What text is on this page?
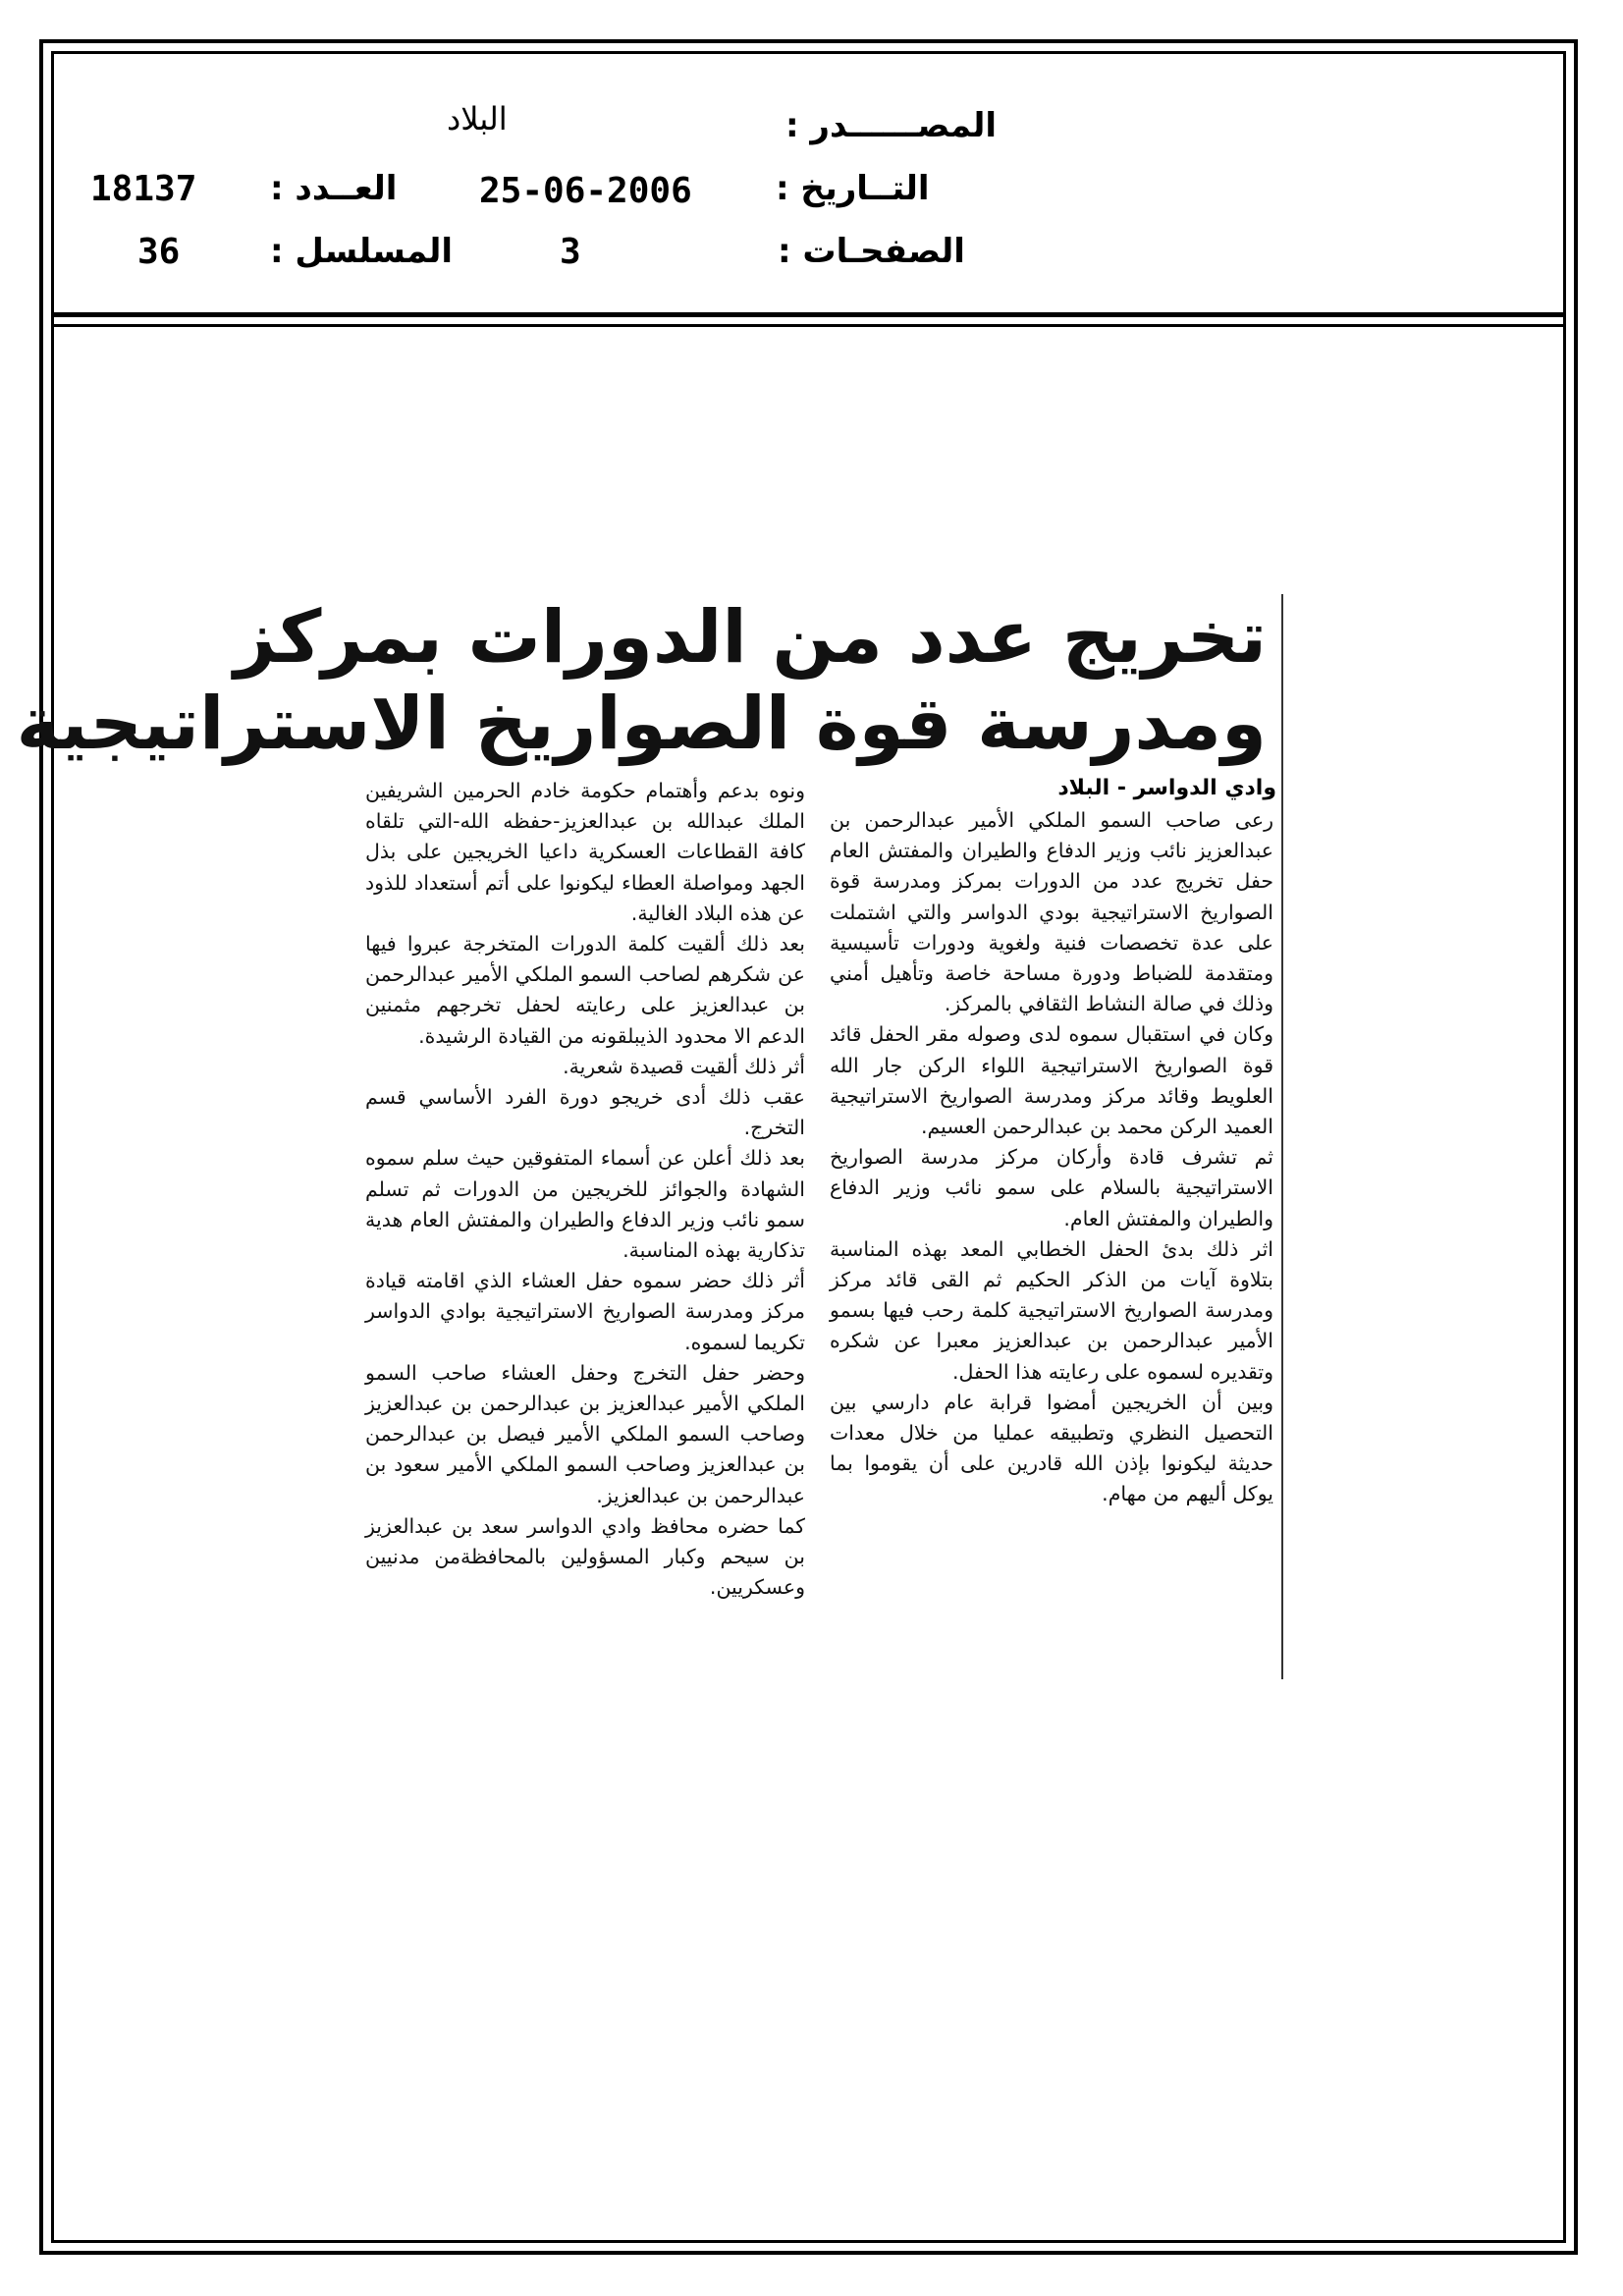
المصــــــدر :
البلاد
التــاريخ :
25-06-2006
العــدد :
18137
الصفحـات :
3
المسلسل :
36
تخريج عدد من الدورات بمركز
ومدرسة قوة الصواريخ الاستراتيجية
وادي الدواسر - البلاد

رعى صاحب السمو الملكي الأمير عبدالرحمن بن عبدالعزيز نائب وزير الدفاع والطيران والمفتش العام حفل تخريج عدد من الدورات بمركز ومدرسة قوة الصواريخ الاستراتيجية بودي الدواسر والتي اشتملت على عدة تخصصات فنية ولغوية ودورات تأسيسية ومتقدمة للضباط ودورة مساحة خاصة وتأهيل أمني وذلك في صالة النشاط الثقافي بالمركز.

وكان في استقبال سموه لدى وصوله مقر الحفل قائد قوة الصواريخ الاستراتيجية اللواء الركن جار الله العلويط وقائد مركز ومدرسة الصواريخ الاستراتيجية العميد الركن محمد بن عبدالرحمن العسيم.

ثم تشرف قادة وأركان مركز مدرسة الصواريخ الاستراتيجية بالسلام على سمو نائب وزير الدفاع والطيران والمفتش العام.

اثر ذلك بدئ الحفل الخطابي المعد بهذه المناسبة بتلاوة آيات من الذكر الحكيم ثم القى قائد مركز ومدرسة الصواريخ الاستراتيجية كلمة رحب فيها بسمو الأمير عبدالرحمن بن عبدالعزيز معبرا عن شكره وتقديره لسموه على رعايته هذا الحفل.

وبين أن الخريجين أمضوا قرابة عام دارسي بين التحصيل النظري وتطبيقه عمليا من خلال معدات حديثة ليكونوا بإذن الله قادرين على أن يقوموا بما يوكل أليهم من مهام.

ونوه بدعم وأهتمام حكومة خادم الحرمين الشريفين الملك عبدالله بن عبدالعزيز-حفظه الله-التي تلقاه كافة القطاعات العسكرية داعيا الخريجين على بذل الجهد ومواصلة العطاء ليكونوا على أتم أستعداد للذود عن هذه البلاد الغالية.

بعد ذلك ألقيت كلمة الدورات المتخرجة عبروا فيها عن شكرهم لصاحب السمو الملكي الأمير عبدالرحمن بن عبدالعزيز على رعايته لحفل تخرجهم مثمنين الدعم الا محدود الذيبلقونه من القيادة الرشيدة.

أثر ذلك ألقيت قصيدة شعرية.

عقب ذلك أدى خريجو دورة الفرد الأساسي قسم التخرج.

بعد ذلك أعلن عن أسماء المتفوقين حيث سلم سموه الشهادة والجوائز للخريجين من الدورات ثم تسلم سمو نائب وزير الدفاع والطيران والمفتش العام هدية تذكارية بهذه المناسبة.

أثر ذلك حضر سموه حفل العشاء الذي اقامته قيادة مركز ومدرسة الصواريخ الاستراتيجية بوادي الدواسر تكريما لسموه.

وحضر حفل التخرج وحفل العشاء صاحب السمو الملكي الأمير عبدالعزيز بن عبدالرحمن بن عبدالعزيز وصاحب السمو الملكي الأمير فيصل بن عبدالرحمن بن عبدالعزيز وصاحب السمو الملكي الأمير سعود بن عبدالرحمن بن عبدالعزيز.

كما حضره محافظ وادي الدواسر سعد بن عبدالعزيز بن سيحم وكبار المسؤولين بالمحافظةمن مدنيين وعسكريين.
